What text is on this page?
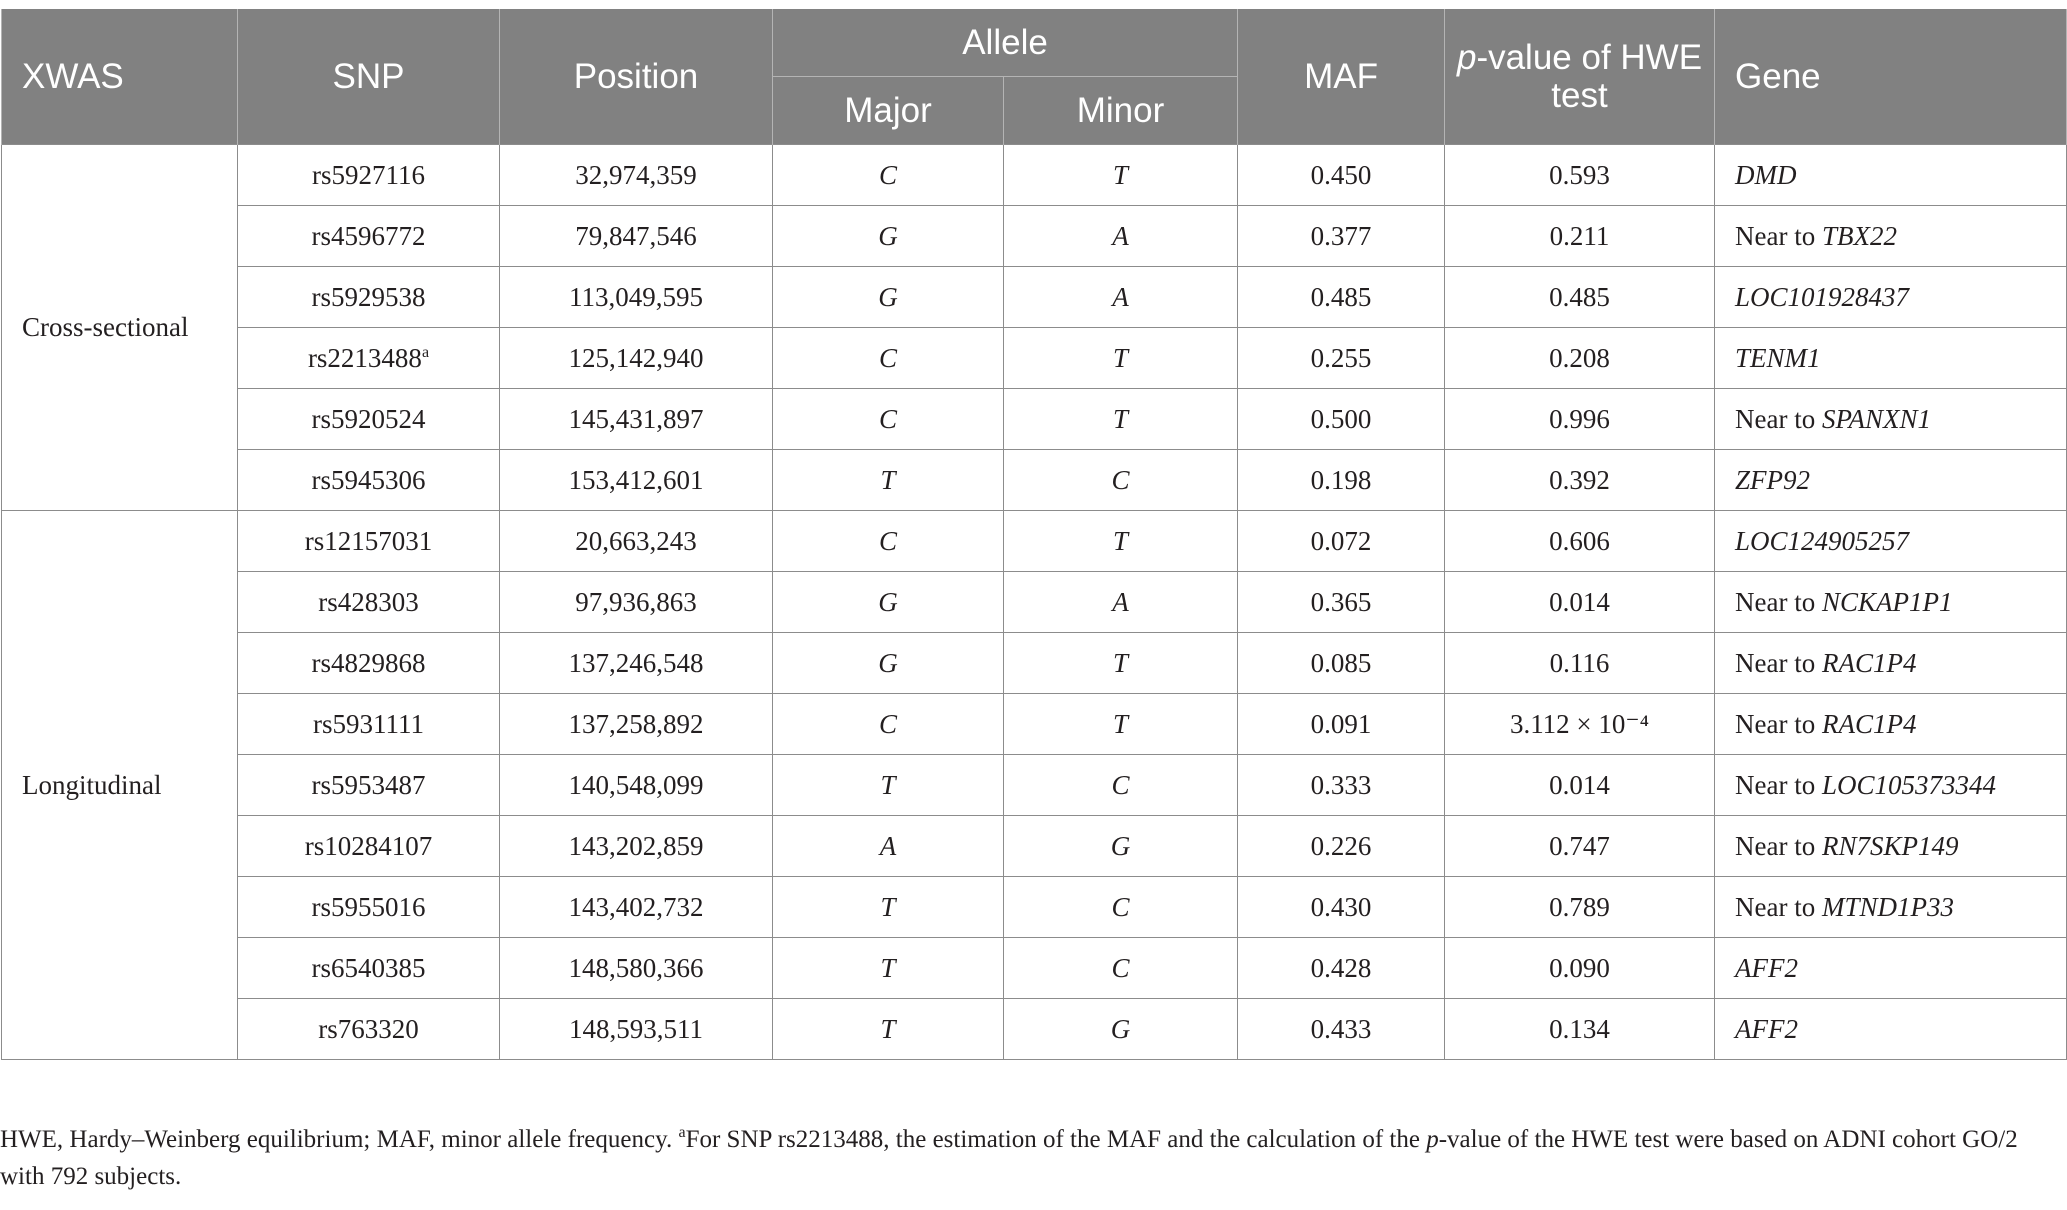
XWAS	SNP	Position	Allele		MAF	p-value of HWE test	Gene
			Major	Minor			
Cross-sectional	rs5927116	32,974,359	C	T	0.450	0.593	DMD
	rs4596772	79,847,546	G	A	0.377	0.211	Near to TBX22
	rs5929538	113,049,595	G	A	0.485	0.485	LOC101928437
	rs2213488$^a$	125,142,940	C	T	0.255	0.208	TENM1
	rs5920524	145,431,897	C	T	0.500	0.996	Near to SPANXN1
	rs5945306	153,412,601	T	C	0.198	0.392	ZFP92
Longitudinal	rs12157031	20,663,243	C	T	0.072	0.606	LOC124905257
	rs428303	97,936,863	G	A	0.365	0.014	Near to NCKAP1P1
	rs4829868	137,246,548	G	T	0.085	0.116	Near to RAC1P4
	rs5931111	137,258,892	C	T	0.091	3.112 × 10⁻⁴	Near to RAC1P4
	rs5953487	140,548,099	T	C	0.333	0.014	Near to LOC105373344
	rs10284107	143,202,859	A	G	0.226	0.747	Near to RN7SKP149
	rs5955016	143,402,732	T	C	0.430	0.789	Near to MTND1P33
	rs6540385	148,580,366	T	C	0.428	0.090	AFF2
	rs763320	148,593,511	T	G	0.433	0.134	AFF2

HWE, Hardy–Weinberg equilibrium; MAF, minor allele frequency. $^a$For SNP rs2213488, the estimation of the MAF and the calculation of the p-value of the HWE test were based on ADNI cohort GO/2 with 792 subjects.
